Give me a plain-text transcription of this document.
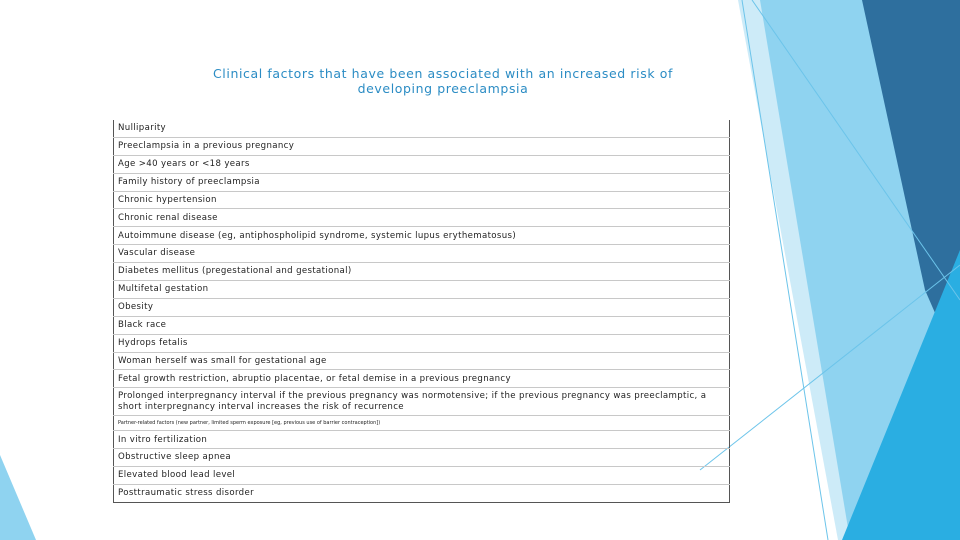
Clinical factors that have been associated with an increased risk of
developing preeclampsia
Nulliparity
Preeclampsia in a previous pregnancy
Age >40 years or <18 years
Family history of preeclampsia
Chronic hypertension
Chronic renal disease
Autoimmune disease (eg, antiphospholipid syndrome, systemic lupus erythematosus)
Vascular disease
Diabetes mellitus (pregestational and gestational)
Multifetal gestation
Obesity
Black race
Hydrops fetalis
Woman herself was small for gestational age
Fetal growth restriction, abruptio placentae, or fetal demise in a previous pregnancy
Prolonged interpregnancy interval if the previous pregnancy was normotensive; if the previous pregnancy was preeclamptic, a short interpregnancy interval increases the risk of recurrence
Partner-related factors (new partner, limited sperm exposure [eg, previous use of barrier contraception])
In vitro fertilization
Obstructive sleep apnea
Elevated blood lead level
Posttraumatic stress disorder
